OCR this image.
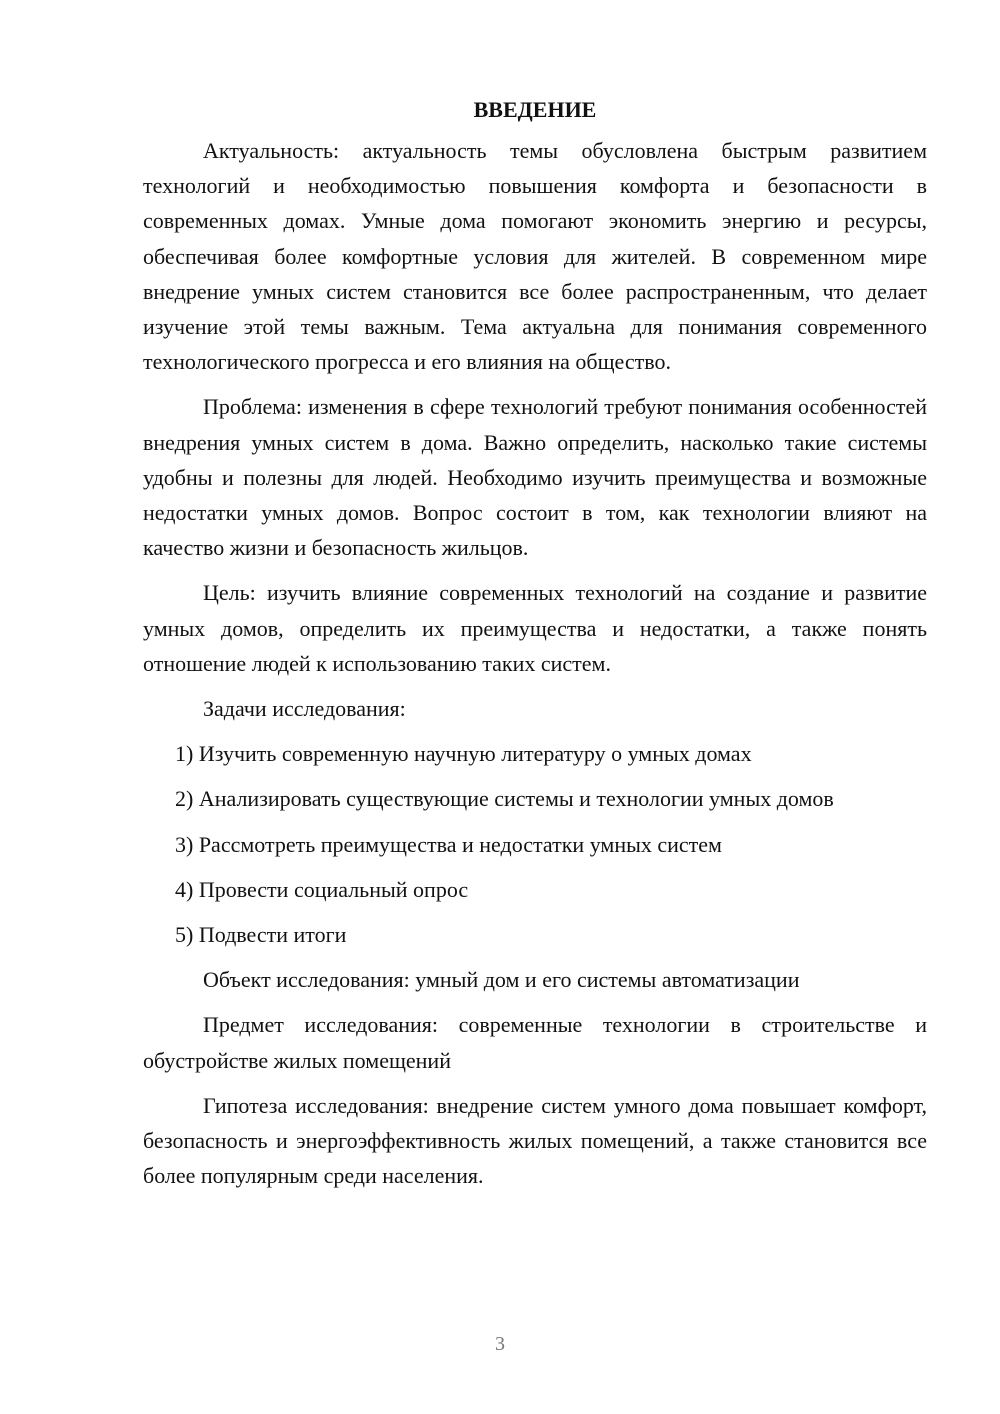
ВВЕДЕНИЕ

Актуальность: актуальность темы обусловлена быстрым развитием технологий и необходимостью повышения комфорта и безопасности в современных домах. Умные дома помогают экономить энергию и ресурсы, обеспечивая более комфортные условия для жителей. В современном мире внедрение умных систем становится все более распространенным, что делает изучение этой темы важным. Тема актуальна для понимания современного технологического прогресса и его влияния на общество.

Проблема: изменения в сфере технологий требуют понимания особенностей внедрения умных систем в дома. Важно определить, насколько такие системы удобны и полезны для людей. Необходимо изучить преимущества и возможные недостатки умных домов. Вопрос состоит в том, как технологии влияют на качество жизни и безопасность жильцов.

Цель: изучить влияние современных технологий на создание и развитие умных домов, определить их преимущества и недостатки, а также понять отношение людей к использованию таких систем.

Задачи исследования:

1) Изучить современную научную литературу о умных домах

2) Анализировать существующие системы и технологии умных домов

3) Рассмотреть преимущества и недостатки умных систем

4) Провести социальный опрос

5) Подвести итоги

Объект исследования: умный дом и его системы автоматизации

Предмет исследования: современные технологии в строительстве и обустройстве жилых помещений

Гипотеза исследования: внедрение систем умного дома повышает комфорт, безопасность и энергоэффективность жилых помещений, а также становится все более популярным среди населения.

3
